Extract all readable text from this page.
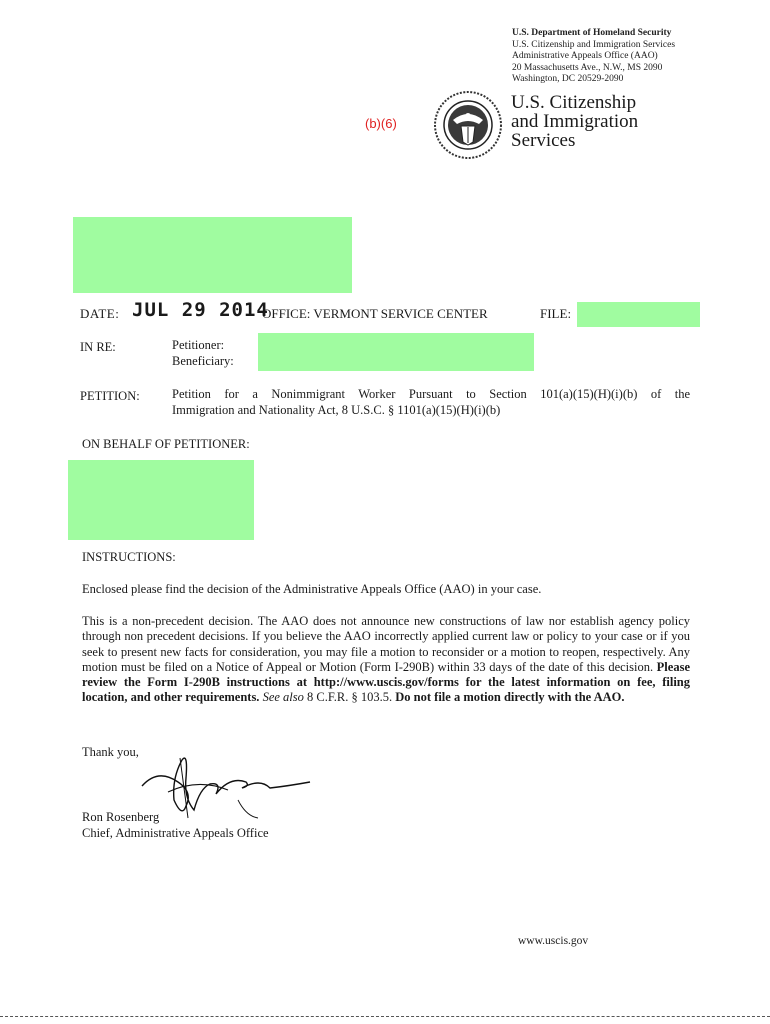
U.S. Department of Homeland Security
U.S. Citizenship and Immigration Services
Administrative Appeals Office (AAO)
20 Massachusetts Ave., N.W., MS 2090
Washington, DC 20529-2090
(b)(6)
U.S. Citizenship
and Immigration
Services
DATE: JUL 29 2014
OFFICE: VERMONT SERVICE CENTER	FILE:
IN RE:	Petitioner:
Beneficiary:
PETITION:	Petition for a Nonimmigrant Worker Pursuant to Section 101(a)(15)(H)(i)(b) of the
Immigration and Nationality Act, 8 U.S.C. § 1101(a)(15)(H)(i)(b)
ON BEHALF OF PETITIONER:
INSTRUCTIONS:
Enclosed please find the decision of the Administrative Appeals Office (AAO) in your case.
This is a non-precedent decision. The AAO does not announce new constructions of law nor establish agency policy through non precedent decisions. If you believe the AAO incorrectly applied current law or policy to your case or if you seek to present new facts for consideration, you may file a motion to reconsider or a motion to reopen, respectively. Any motion must be filed on a Notice of Appeal or Motion (Form I-290B) within 33 days of the date of this decision. Please review the Form I-290B instructions at http://www.uscis.gov/forms for the latest information on fee, filing location, and other requirements. See also 8 C.F.R. § 103.5. Do not file a motion directly with the AAO.
Thank you,
Ron Rosenberg
Chief, Administrative Appeals Office
www.uscis.gov
